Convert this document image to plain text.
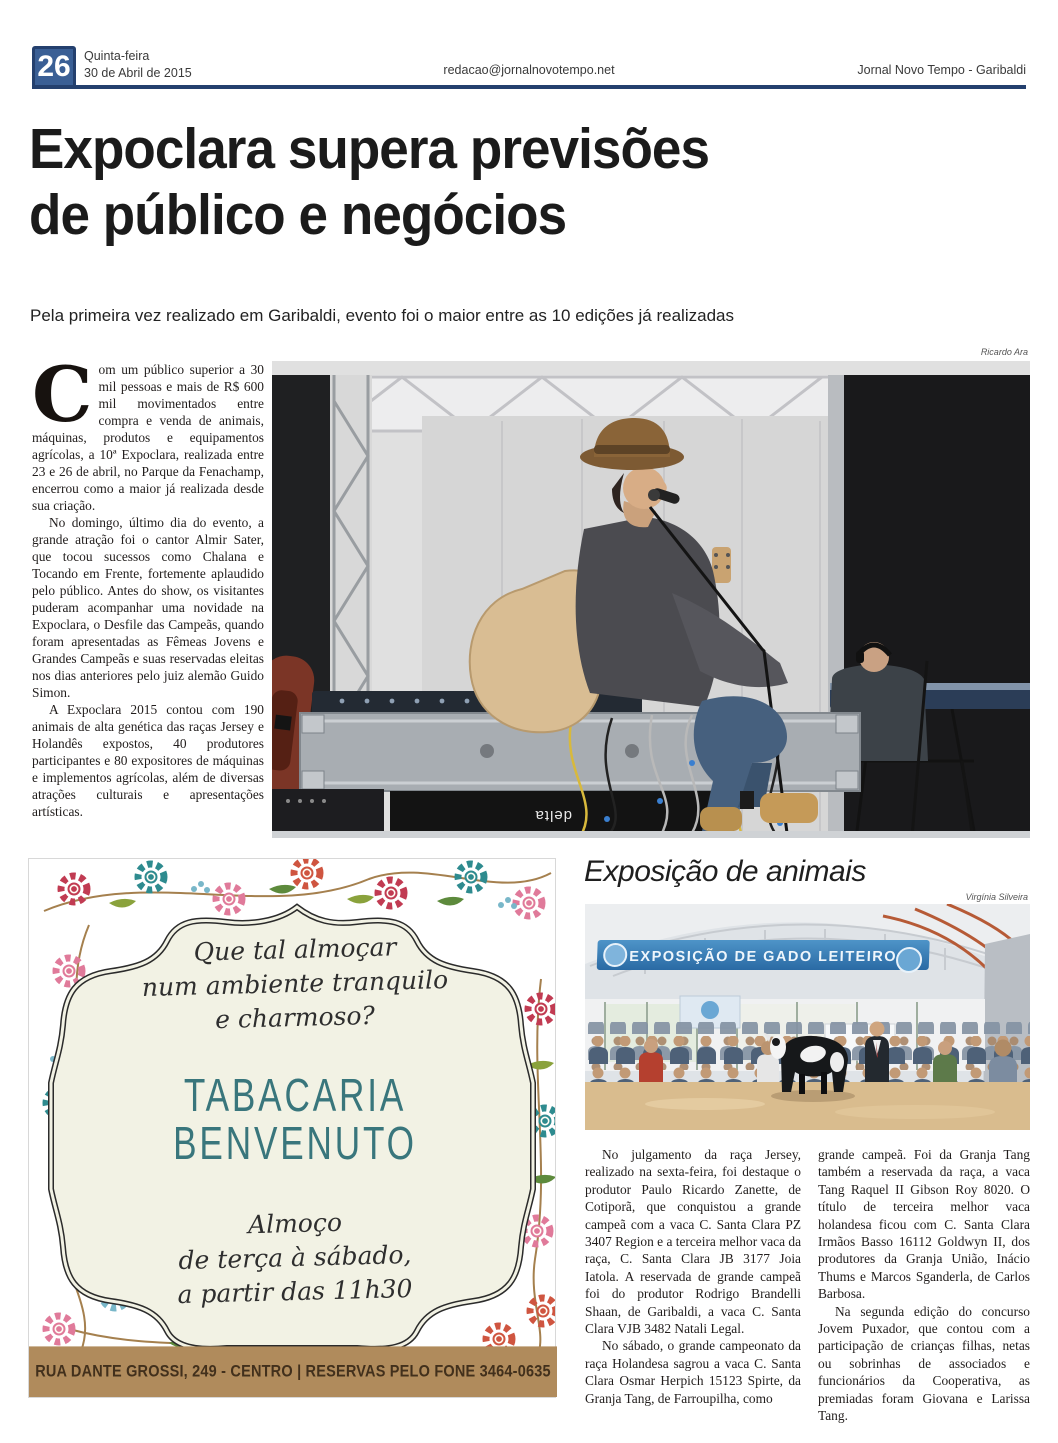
26	Quinta-feira
30 de Abril de 2015	redacao@jornalnovotempo.net	Jornal Novo Tempo - Garibaldi
Expoclara supera previsões
de público e negócios
Pela primeira vez realizado em Garibaldi, evento foi o maior entre as 10 edições já realizadas

Com um público superior a 30 mil pessoas e mais de R$ 600 mil movimentados entre compra e venda de animais, máquinas, produtos e equipamentos agrícolas, a 10ª Expoclara, realizada entre 23 e 26 de abril, no Parque da Fenachamp, encerrou como a maior já realizada desde sua criação.

No domingo, último dia do evento, a grande atração foi o cantor Almir Sater, que tocou sucessos como Chalana e Tocando em Frente, fortemente aplaudido pelo público. Antes do show, os visitantes puderam acompanhar uma novidade na Expoclara, o Desfile das Campeãs, quando foram apresentadas as Fêmeas Jovens e Grandes Campeãs e suas reservadas eleitas nos dias anteriores pelo juiz alemão Guido Simon.

A Expoclara 2015 contou com 190 animais de alta genética das raças Jersey e Holandês expostos, 40 produtores participantes e 80 expositores de máquinas e implementos agrícolas, além de diversas atrações culturais e apresentações artísticas.

Ricardo Ara
delta
Que tal almoçar
num ambiente tranquilo
e charmoso?
TABACARIA
BENVENUTO
Almoço
de terça à sábado,
a partir das 11h30
RUA DANTE GROSSI, 249 - CENTRO | RESERVAS PELO FONE 3464-0635
Exposição de animais
Virgínia Silveira
EXPOSIÇÃO DE GADO LEITEIRO

No julgamento da raça Jersey, realizado na sexta-feira, foi destaque o produtor Paulo Ricardo Zanette, de Cotiporã, que conquistou a grande campeã com a vaca C. Santa Clara PZ 3407 Region e a terceira melhor vaca da raça, C. Santa Clara JB 3177 Joia Iatola. A reservada de grande campeã foi do produtor Rodrigo Brandelli Shaan, de Garibaldi, a vaca C. Santa Clara VJB 3482 Natali Legal.

No sábado, o grande campeonato da raça Holandesa sagrou a vaca C. Santa Clara Osmar Herpich 15123 Spirte, da Granja Tang, de Farroupilha, como

grande campeã. Foi da Granja Tang também a reservada da raça, a vaca Tang Raquel II Gibson Roy 8020. O título de terceira melhor vaca holandesa ficou com C. Santa Clara Irmãos Basso 16112 Goldwyn II, dos produtores da Granja União, Inácio Thums e Marcos Sganderla, de Carlos Barbosa.

Na segunda edição do concurso Jovem Puxador, que contou com a participação de crianças filhas, netas ou sobrinhas de associados e funcionários da Cooperativa, as premiadas foram Giovana e Larissa Tang.
